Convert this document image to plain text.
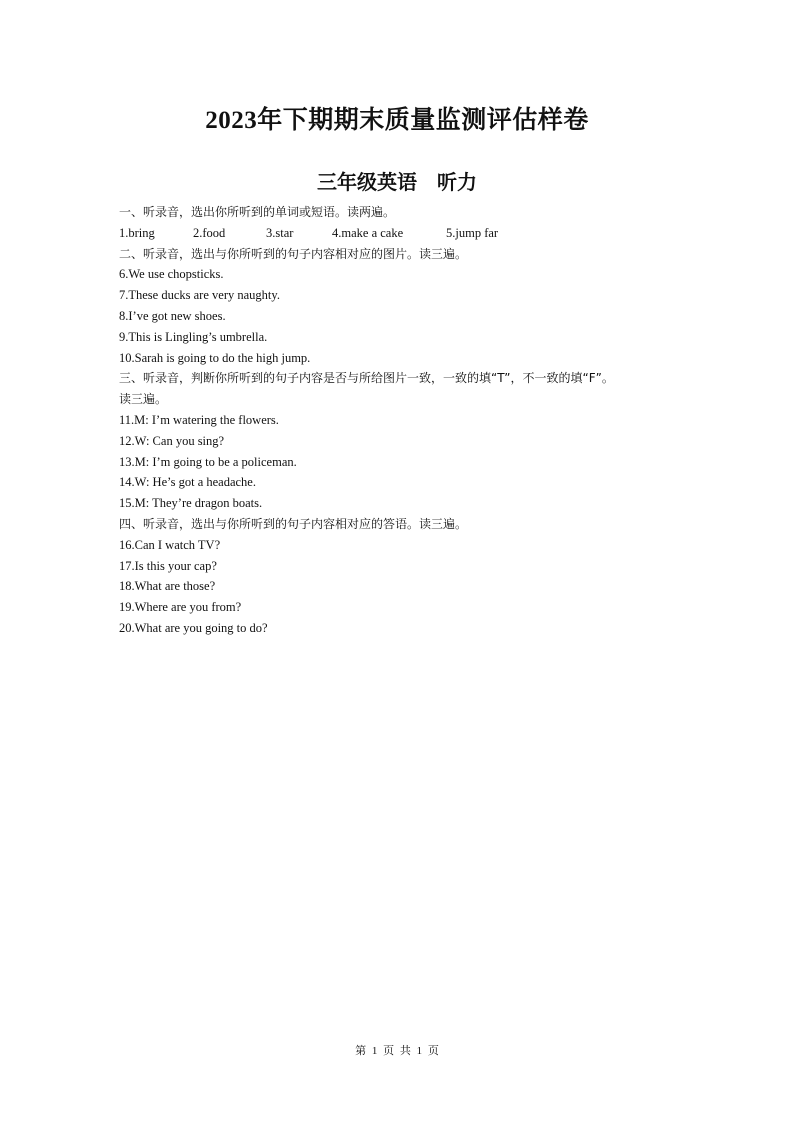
2023年下期期末质量监测评估样卷
三年级英语　听力
一、听录音，选出你所听到的单词或短语。读两遍。
1.bring	2.food	3.star	4.make a cake	5.jump far
二、听录音，选出与你所听到的句子内容相对应的图片。读三遍。
6.We use chopsticks.
7.These ducks are very naughty.
8.I’ve got new shoes.
9.This is Lingling’s umbrella.
10.Sarah is going to do the high jump.
三、听录音，判断你所听到的句子内容是否与所给图片一致，一致的填“T”，不一致的填“F”。
读三遍。
11.M: I’m watering the flowers.
12.W: Can you sing?
13.M: I’m going to be a policeman.
14.W: He’s got a headache.
15.M: They’re dragon boats.
四、听录音，选出与你所听到的句子内容相对应的答语。读三遍。
16.Can I watch TV?
17.Is this your cap?
18.What are those?
19.Where are you from?
20.What are you going to do?
第 1 页 共 1 页
